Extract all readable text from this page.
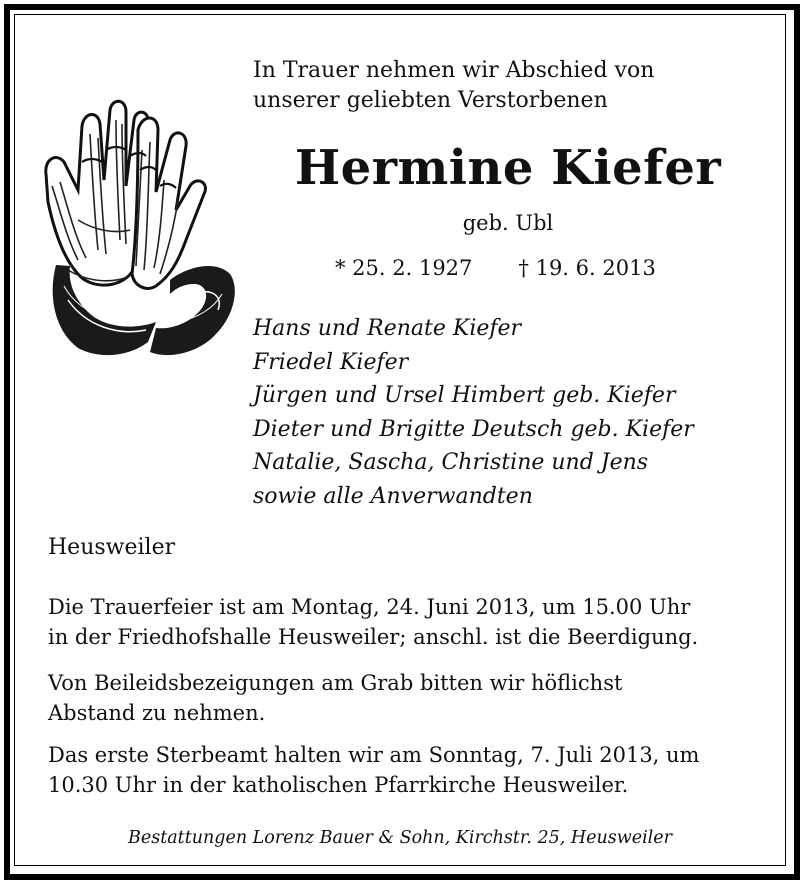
In Trauer nehmen wir Abschied von
unserer geliebten Verstorbenen
Hermine Kiefer
geb. Ubl
* 25. 2. 1927 † 19. 6. 2013
Hans und Renate Kiefer
Friedel Kiefer
Jürgen und Ursel Himbert geb. Kiefer
Dieter und Brigitte Deutsch geb. Kiefer
Natalie, Sascha, Christine und Jens
sowie alle Anverwandten
Heusweiler
Die Trauerfeier ist am Montag, 24. Juni 2013, um 15.00 Uhr
in der Friedhofshalle Heusweiler; anschl. ist die Beerdigung.
Von Beileidsbezeigungen am Grab bitten wir höflichst
Abstand zu nehmen.
Das erste Sterbeamt halten wir am Sonntag, 7. Juli 2013, um
10.30 Uhr in der katholischen Pfarrkirche Heusweiler.
Bestattungen Lorenz Bauer & Sohn, Kirchstr. 25, Heusweiler
